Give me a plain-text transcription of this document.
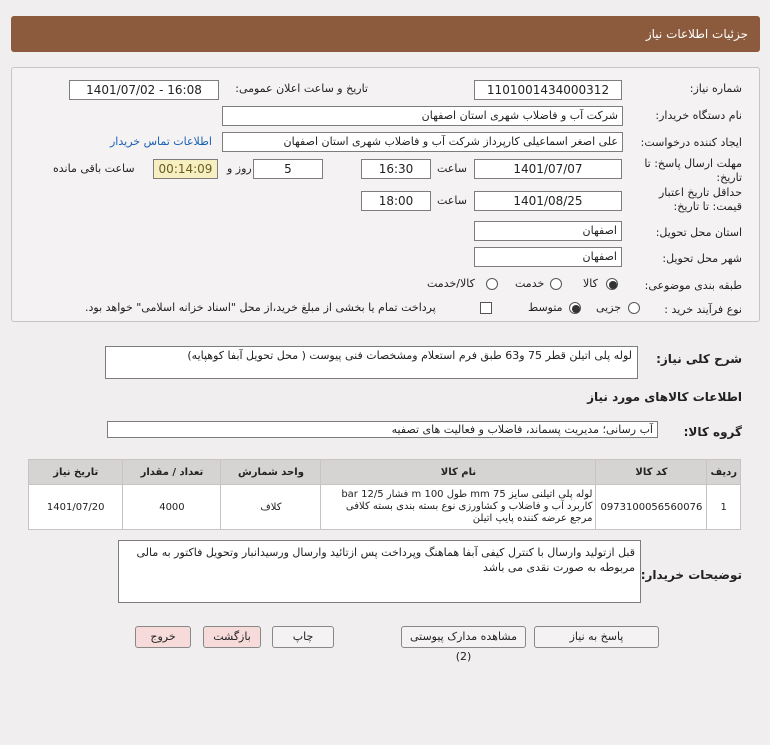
جزئیات اطلاعات نیاز
شماره نیاز:
1101001434000312
تاریخ و ساعت اعلان عمومی:
1401/07/02 - 16:08
نام دستگاه خریدار:
شرکت آب و فاضلاب شهری استان اصفهان
ایجاد کننده درخواست:
علی اصغر اسماعیلی کارپرداز شرکت آب و فاضلاب شهری استان اصفهان
اطلاعات تماس خریدار
مهلت ارسال پاسخ: تا
تاریخ:
1401/07/07
ساعت
16:30
5
روز و
00:14:09
ساعت باقی مانده
حداقل تاریخ اعتبار
قیمت: تا تاریخ:
1401/08/25
ساعت
18:00
استان محل تحویل:
اصفهان
شهر محل تحویل:
اصفهان
طبقه بندی موضوعی:
کالا
خدمت
کالا/خدمت
نوع فرآیند خرید :
جزیی
متوسط
پرداخت تمام یا بخشی از مبلغ خرید،از محل "اسناد خزانه اسلامی" خواهد بود.
شرح کلی نیاز:
لوله پلی اتیلن قطر 75 و63 طبق فرم استعلام ومشخصات فنی پیوست ( محل تحویل آبفا کوهپایه)
اطلاعات کالاهای مورد نیاز
گروه کالا:
آب رسانی؛ مدیریت پسماند، فاضلاب و فعالیت های تصفیه
ردیف	کد کالا	نام کالا	واحد شمارش	تعداد / مقدار	تاریخ نیاز
1	0973100056560076	لوله پلی اتیلنی سایز 75 mm طول 100 m فشار 12/5 bar
کاربرد آب و فاضلاب و کشاورزی نوع بسته بندی بسته کلافی
مرجع عرضه کننده پایپ اتیلن	کلاف	4000	1401/07/20
توضیحات خریدار:
قبل ازتولید وارسال با کنترل کیفی آبفا هماهنگ وپرداخت پس ازتائید وارسال ورسیدانبار وتحویل فاکتور به مالی مربوطه به صورت نقدی می باشد
پاسخ به نیاز
مشاهده مدارک پیوستی (2)
چاپ
بازگشت
خروج
